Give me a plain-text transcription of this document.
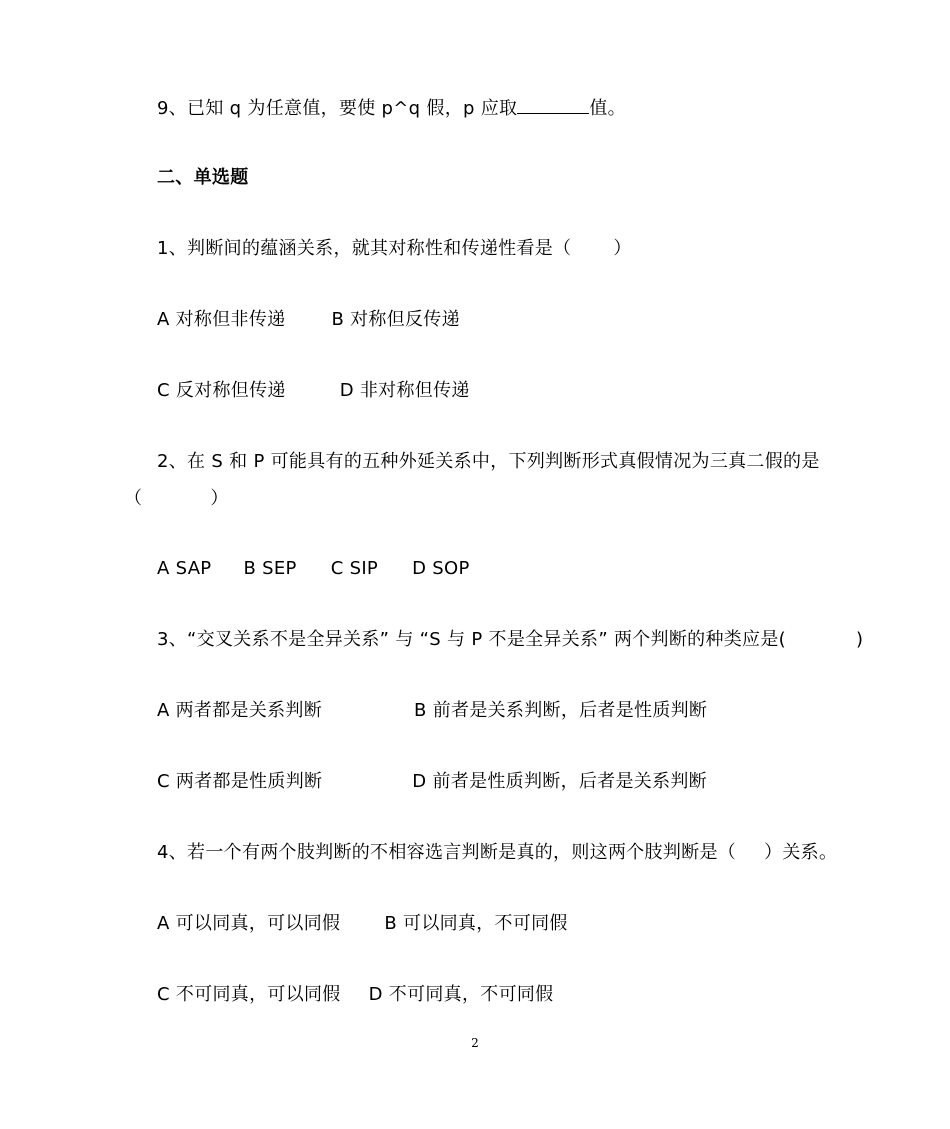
9、已知 q 为任意值，要使 p^q 假，p 应取	值。
二、单选题
1、判断间的蕴涵关系，就其对称性和传递性看是（ ）
A 对称但非传递	B 对称但反传递
C 反对称但传递	D 非对称但传递
2、在 S 和 P 可能具有的五种外延关系中，下列判断形式真假情况为三真二假的是
（	）
A SAP B SEP C SIP D SOP
3、“交叉关系不是全异关系” 与 “S 与 P 不是全异关系” 两个判断的种类应是(	)
A 两者都是关系判断	B 前者是关系判断，后者是性质判断
C 两者都是性质判断	D 前者是性质判断，后者是关系判断
4、若一个有两个肢判断的不相容选言判断是真的，则这两个肢判断是（ ）关系。
A 可以同真，可以同假 B 可以同真，不可同假
C 不可同真，可以同假 D 不可同真，不可同假
2
